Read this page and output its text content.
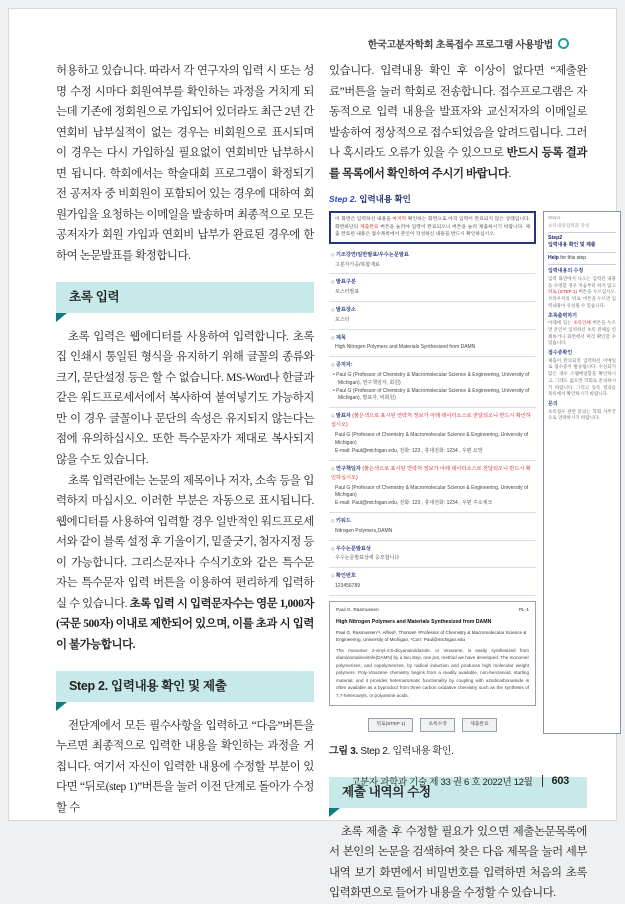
한국고분자학회 초록접수 프로그램 사용방법

허용하고 있습니다. 따라서 각 연구자의 입력 시 또는 성명 수정 시마다 회원여부를 확인하는 과정을 거치게 되는데 기존에 정회원으로 가입되어 있더라도 최근 2년 간 연회비 납부실적이 없는 경우는 비회원으로 표시되며 이 경우는 다시 가입하실 필요없이 연회비만 납부하시면 됩니다. 학회에서는 학술대회 프로그램이 확정되기 전 공저자 중 비회원이 포함되어 있는 경우에 대하여 회원가입을 요청하는 이메일을 발송하며 최종적으로 모든 공저자가 회원 가입과 연회비 납부가 완료된 경우에 한하여 논문발표를 확정합니다.

초록 입력

초록 입력은 웹에디터를 사용하여 입력합니다. 초록집 인쇄시 통일된 형식을 유지하기 위해 글꼴의 종류와 크기, 문단설정 등은 할 수 없습니다. MS-Word나 한글과 같은 워드프로세서에서 복사하여 붙여넣기도 가능하지만 이 경우 글꼴이나 문단의 속성은 유지되지 않는다는 점에 유의하십시오. 또한 특수문자가 제대로 복사되지 않을 수도 있습니다.

초록 입력란에는 논문의 제목이나 저자, 소속 등을 입력하지 마십시오. 이러한 부분은 자동으로 표시됩니다. 웹에디터를 사용하여 입력할 경우 일반적인 워드프로세서와 같이 블록 설정 후 기울이기, 밑줄긋기, 첨자지정 등이 가능합니다. 그리스문자나 수식기호와 같은 특수문자는 특수문자 입력 버튼을 이용하여 편리하게 입력하실 수 있습니다. 초록 입력 시 입력문자수는 영문 1,000자(국문 500자) 이내로 제한되어 있으며, 이를 초과 시 입력이 불가능합니다.

Step 2. 입력내용 확인 및 제출

전단계에서 모든 필수사항을 입력하고 “다음”버튼을 누르면 최종적으로 입력한 내용을 확인하는 과정을 거칩니다. 여기서 자신이 입력한 내용에 수정할 부분이 있다면 “뒤로(step 1)”버튼을 눌러 이전 단계로 돌아가 수정할 수

있습니다. 입력내용 확인 후 이상이 없다면 “제출완료”버튼을 눌러 학회로 전송합니다. 접수프로그램은 자동적으로 입력 내용을 발표자와 교신저자의 이메일로 발송하여 정상적으로 접수되었음을 알려드립니다. 그러나 혹시라도 오류가 있을 수 있으므로 반드시 등록 결과를 목록에서 확인하여 주시기 바랍니다.

Step 2. 입력내용 확인
이 화면은 입력하신 내용을 마지막 확인하는 화면으로 아직 입력이 완료되지 않은 상태입니다. 화면하단의 제출완료 버튼을 눌러야 입력이 완료되오니 버튼을 눌러 제출하시기 바랍니다. 제출 완료된 내용은 접수목록에서 본인이 작성하신 내용을 반드시 확인하십시오.
◇ 기조강연/일반발표/우수논문발표
고분자가공/복합재료
◇ 발표구분
포스터발표
◇ 발표장소
포스터
◇ 제목
High Nitrogen Polymers and Materials Synthesized from DAMN
◇ 공저자:
• Paul G (Professor of Chemistry & Macromolecular Science & Engineering, University of Michigan), 연구책임자, 회원)
• Paul G (Professor of Chemistry & Macromolecular Science & Engineering, University of Michigan), 발표자, 비회원)
◇ 발표자 (붉은색으로 표시된 연락처 정보가 아래 데이터소스로 전달되오니 반드시 확인하십시오)
Paul G (Professor of Chemistry & Macromolecular Science & Engineering, University of Michigan)
E-mail: Paul@michigan.edu, 전화: 123 , 휴대전화: 1234 , 우편 요망
◇ 연구책임자 (붉은색으로 표시된 연락처 정보가 아래 데이터소스로 전달되오니 반드시 확인하십시오)
Paul G (Professor of Chemistry & Macromolecular Science & Engineering, University of Michigan)
E-mail: Paul@michigan.edu, 전화: 123 , 휴대전화: 1234 , 우편 주소체크
◇ 키워드
Nitrogen Polymers,DAMN
◇ 우수논문발표상
우수논문발표상에 응모합니다
◇ 확인번호
123456789
Paul G. Rasmussen	PL-1
High Nitrogen Polymers and Materials Synthesized from DAMN
Paul G. Rasmussen*¹, Alfred¹, Thomas¹ ¹Professor of Chemistry & Macromolecular Science & Engineering, University of Michigan, *Corr: Paul@michigan.edu
The monomer 2-vinyl-4,5-dicyanoimidazole, or Vinazene, is easily synthesized from diaminomaleonitrile(DAMN) by a two step, one pot, method we have developed. The monomer polymerizes, and copolymerizes, by radical induction and produces high molecular weight polymers. Poly-Vinazene chemistry begins from a readily available, non-benzenoid, starting material, and it provides heteroaromatic functionality by coupling with azodicarbonamide is often available as a byproduct from three carbon oxidative chemistry such as the synthesis of 7,7-heteroaryls, or polyamine acids.
뒤로(STEP 1)	초록수정	제출완료
Step1
초록내용입력과 작성
Step2
입력내용 확인 및 제출
Help for this step
입력내용의 수정
입력 화면에서 나오는 입력된 내용을 수정할 경우 처음부터 하지 않고 뒤로 (STEP 1) 버튼을 누르십시오. 브라우저의 ‘뒤로’ 버튼을 누르면 입력내용이 유실될 수 있습니다.
초록출력하기
아래에 있는 초록인쇄 버튼을 누르면 본인이 입력하신 초록 전체를 인쇄하거나 화면에서 미리 확인할 수 있습니다.
접수증확인
제출이 완료되면 입력하신 이메일로 접수증이 발송됩니다. 수신되지 않은 경우 스팸메일함을 확인하시고, 그래도 없으면 학회로 문의하시기 바랍니다. 그리고 등록 결과를 목록에서 확인하시기 바랍니다.
문의
초록접수 관련 문의는 학회 사무국으로 연락하시기 바랍니다.
그림 3. Step 2. 입력내용 확인.
제출 내역의 수정

초록 제출 후 수정할 필요가 있으면 제출논문목록에서 본인의 논문을 검색하여 찾은 다음 제목을 눌러 세부내역 보기 화면에서 비밀번호를 입력하면 처음의 초록입력화면으로 들어가 내용을 수정할 수 있습니다.

고분자 과학과 기술 제 33 권 6 호 2022년 12월	603
